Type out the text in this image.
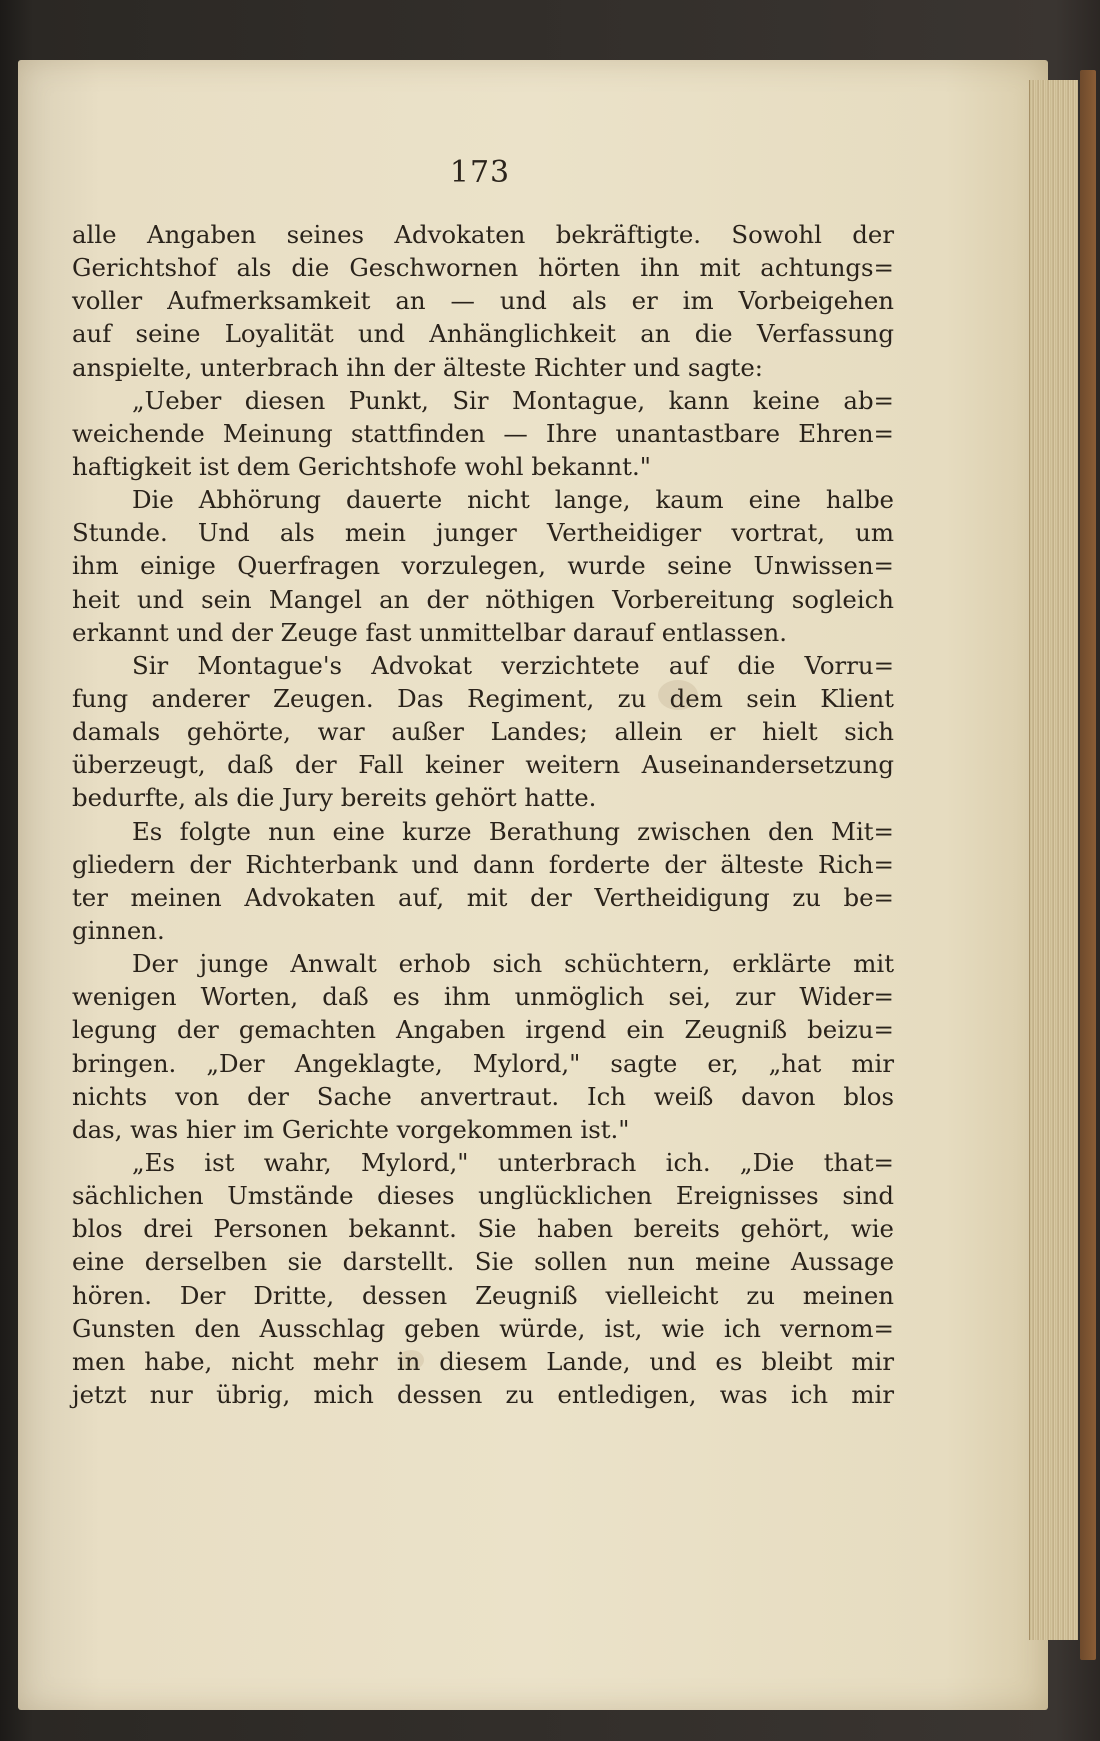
173
alle Angaben seines Advokaten bekräftigte. Sowohl der
Gerichtshof als die Geschwornen hörten ihn mit achtungs=
voller Aufmerksamkeit an — und als er im Vorbeigehen
auf seine Loyalität und Anhänglichkeit an die Verfassung
anspielte, unterbrach ihn der älteste Richter und sagte:
„Ueber diesen Punkt, Sir Montague, kann keine ab=
weichende Meinung stattfinden — Ihre unantastbare Ehren=
haftigkeit ist dem Gerichtshofe wohl bekannt."
Die Abhörung dauerte nicht lange, kaum eine halbe
Stunde. Und als mein junger Vertheidiger vortrat, um
ihm einige Querfragen vorzulegen, wurde seine Unwissen=
heit und sein Mangel an der nöthigen Vorbereitung sogleich
erkannt und der Zeuge fast unmittelbar darauf entlassen.
Sir Montague's Advokat verzichtete auf die Vorru=
fung anderer Zeugen. Das Regiment, zu dem sein Klient
damals gehörte, war außer Landes; allein er hielt sich
überzeugt, daß der Fall keiner weitern Auseinandersetzung
bedurfte, als die Jury bereits gehört hatte.
Es folgte nun eine kurze Berathung zwischen den Mit=
gliedern der Richterbank und dann forderte der älteste Rich=
ter meinen Advokaten auf, mit der Vertheidigung zu be=
ginnen.
Der junge Anwalt erhob sich schüchtern, erklärte mit
wenigen Worten, daß es ihm unmöglich sei, zur Wider=
legung der gemachten Angaben irgend ein Zeugniß beizu=
bringen. „Der Angeklagte, Mylord," sagte er, „hat mir
nichts von der Sache anvertraut. Ich weiß davon blos
das, was hier im Gerichte vorgekommen ist."
„Es ist wahr, Mylord," unterbrach ich. „Die that=
sächlichen Umstände dieses unglücklichen Ereignisses sind
blos drei Personen bekannt. Sie haben bereits gehört, wie
eine derselben sie darstellt. Sie sollen nun meine Aussage
hören. Der Dritte, dessen Zeugniß vielleicht zu meinen
Gunsten den Ausschlag geben würde, ist, wie ich vernom=
men habe, nicht mehr in diesem Lande, und es bleibt mir
jetzt nur übrig, mich dessen zu entledigen, was ich mir
